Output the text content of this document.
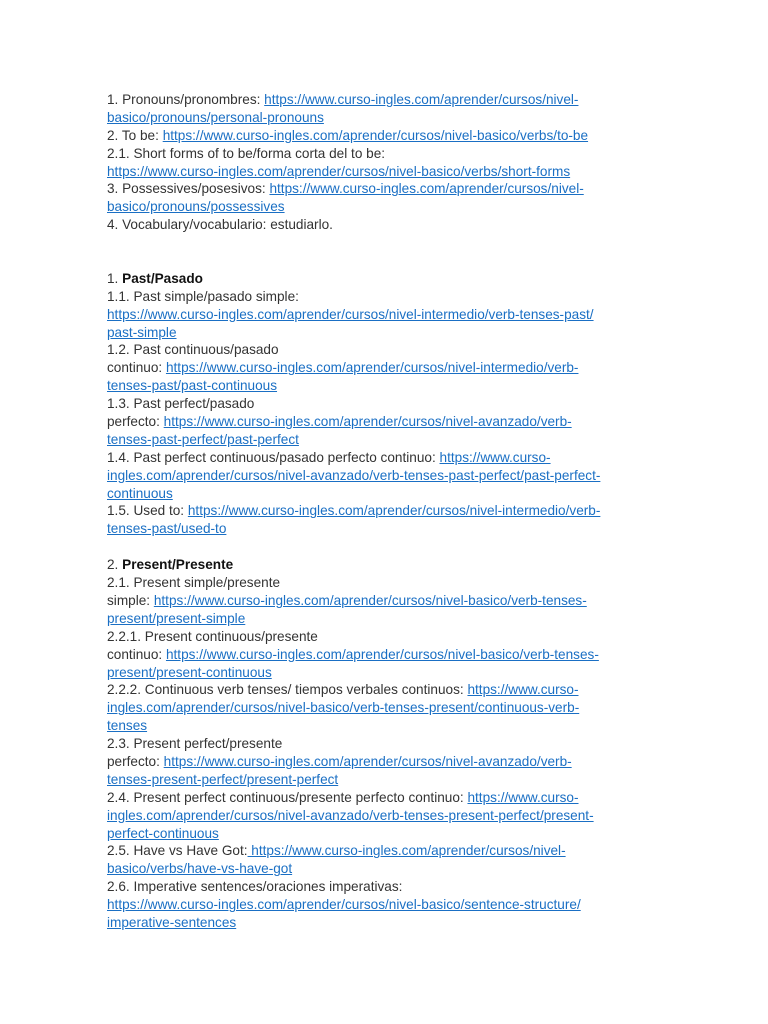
1. Pronouns/pronombres: https://www.curso-ingles.com/aprender/cursos/nivel-
basico/pronouns/personal-pronouns
2. To be: https://www.curso-ingles.com/aprender/cursos/nivel-basico/verbs/to-be
2.1. Short forms of to be/forma corta del to be:
https://www.curso-ingles.com/aprender/cursos/nivel-basico/verbs/short-forms
3. Possessives/posesivos: https://www.curso-ingles.com/aprender/cursos/nivel-
basico/pronouns/possessives
4. Vocabulary/vocabulario: estudiarlo.
1. Past/Pasado
1.1. Past simple/pasado simple:
https://www.curso-ingles.com/aprender/cursos/nivel-intermedio/verb-tenses-past/
past-simple
1.2. Past continuous/pasado
continuo: https://www.curso-ingles.com/aprender/cursos/nivel-intermedio/verb-
tenses-past/past-continuous
1.3. Past perfect/pasado
perfecto: https://www.curso-ingles.com/aprender/cursos/nivel-avanzado/verb-
tenses-past-perfect/past-perfect
1.4. Past perfect continuous/pasado perfecto continuo: https://www.curso-
ingles.com/aprender/cursos/nivel-avanzado/verb-tenses-past-perfect/past-perfect-
continuous
1.5. Used to: https://www.curso-ingles.com/aprender/cursos/nivel-intermedio/verb-
tenses-past/used-to
2. Present/Presente
2.1. Present simple/presente
simple: https://www.curso-ingles.com/aprender/cursos/nivel-basico/verb-tenses-
present/present-simple
2.2.1. Present continuous/presente
continuo: https://www.curso-ingles.com/aprender/cursos/nivel-basico/verb-tenses-
present/present-continuous
2.2.2. Continuous verb tenses/ tiempos verbales continuos: https://www.curso-
ingles.com/aprender/cursos/nivel-basico/verb-tenses-present/continuous-verb-
tenses
2.3. Present perfect/presente
perfecto: https://www.curso-ingles.com/aprender/cursos/nivel-avanzado/verb-
tenses-present-perfect/present-perfect
2.4. Present perfect continuous/presente perfecto continuo: https://www.curso-
ingles.com/aprender/cursos/nivel-avanzado/verb-tenses-present-perfect/present-
perfect-continuous
2.5. Have vs Have Got: https://www.curso-ingles.com/aprender/cursos/nivel-
basico/verbs/have-vs-have-got
2.6. Imperative sentences/oraciones imperativas:
https://www.curso-ingles.com/aprender/cursos/nivel-basico/sentence-structure/
imperative-sentences
